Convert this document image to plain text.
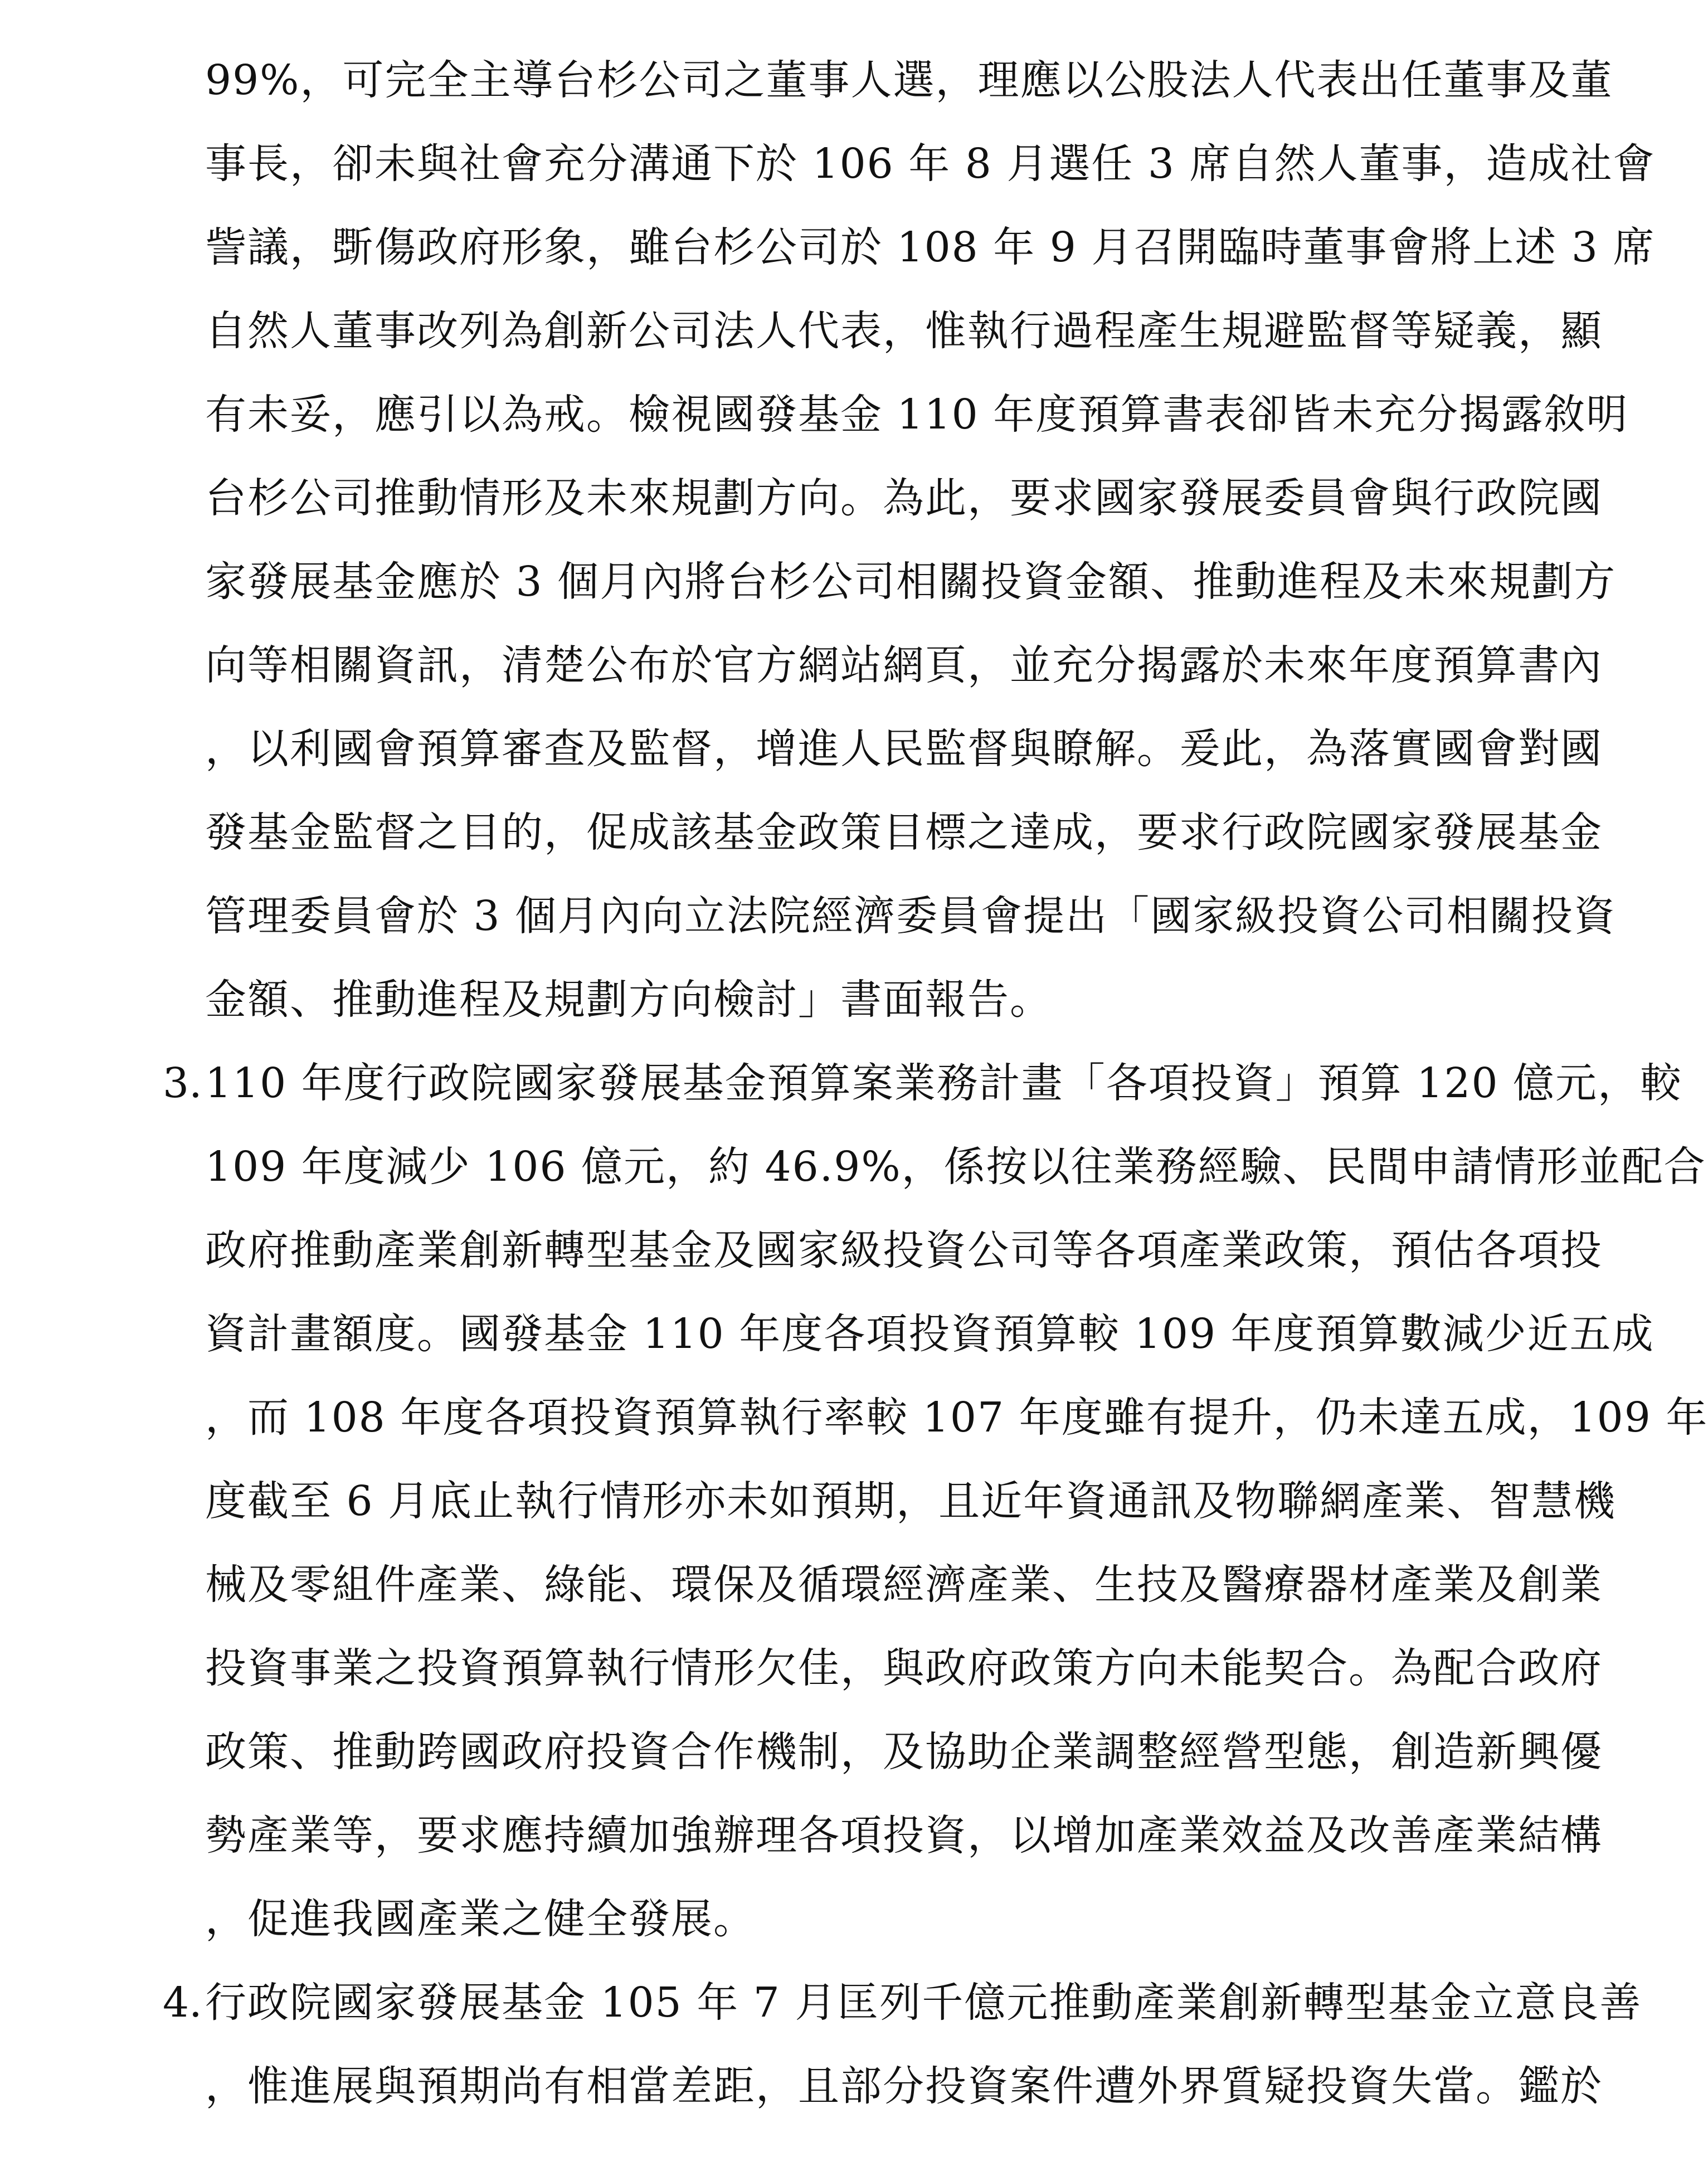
99%，可完全主導台杉公司之董事人選，理應以公股法人代表出任董事及董
事長，卻未與社會充分溝通下於 106 年 8 月選任 3 席自然人董事，造成社會
訾議，斲傷政府形象，雖台杉公司於 108 年 9 月召開臨時董事會將上述 3 席
自然人董事改列為創新公司法人代表，惟執行過程產生規避監督等疑義，顯
有未妥，應引以為戒。檢視國發基金 110 年度預算書表卻皆未充分揭露敘明
台杉公司推動情形及未來規劃方向。為此，要求國家發展委員會與行政院國
家發展基金應於 3 個月內將台杉公司相關投資金額、推動進程及未來規劃方
向等相關資訊，清楚公布於官方網站網頁，並充分揭露於未來年度預算書內
，以利國會預算審查及監督，增進人民監督與瞭解。爰此，為落實國會對國
發基金監督之目的，促成該基金政策目標之達成，要求行政院國家發展基金
管理委員會於 3 個月內向立法院經濟委員會提出「國家級投資公司相關投資
金額、推動進程及規劃方向檢討」書面報告。
3. 110 年度行政院國家發展基金預算案業務計畫「各項投資」預算 120 億元，較
109 年度減少 106 億元，約 46.9%，係按以往業務經驗、民間申請情形並配合
政府推動產業創新轉型基金及國家級投資公司等各項產業政策，預估各項投
資計畫額度。國發基金 110 年度各項投資預算較 109 年度預算數減少近五成
，而 108 年度各項投資預算執行率較 107 年度雖有提升，仍未達五成，109 年
度截至 6 月底止執行情形亦未如預期，且近年資通訊及物聯網產業、智慧機
械及零組件產業、綠能、環保及循環經濟產業、生技及醫療器材產業及創業
投資事業之投資預算執行情形欠佳，與政府政策方向未能契合。為配合政府
政策、推動跨國政府投資合作機制，及協助企業調整經營型態，創造新興優
勢產業等，要求應持續加強辦理各項投資，以增加產業效益及改善產業結構
，促進我國產業之健全發展。
4. 行政院國家發展基金 105 年 7 月匡列千億元推動產業創新轉型基金立意良善
，惟進展與預期尚有相當差距，且部分投資案件遭外界質疑投資失當。鑑於
